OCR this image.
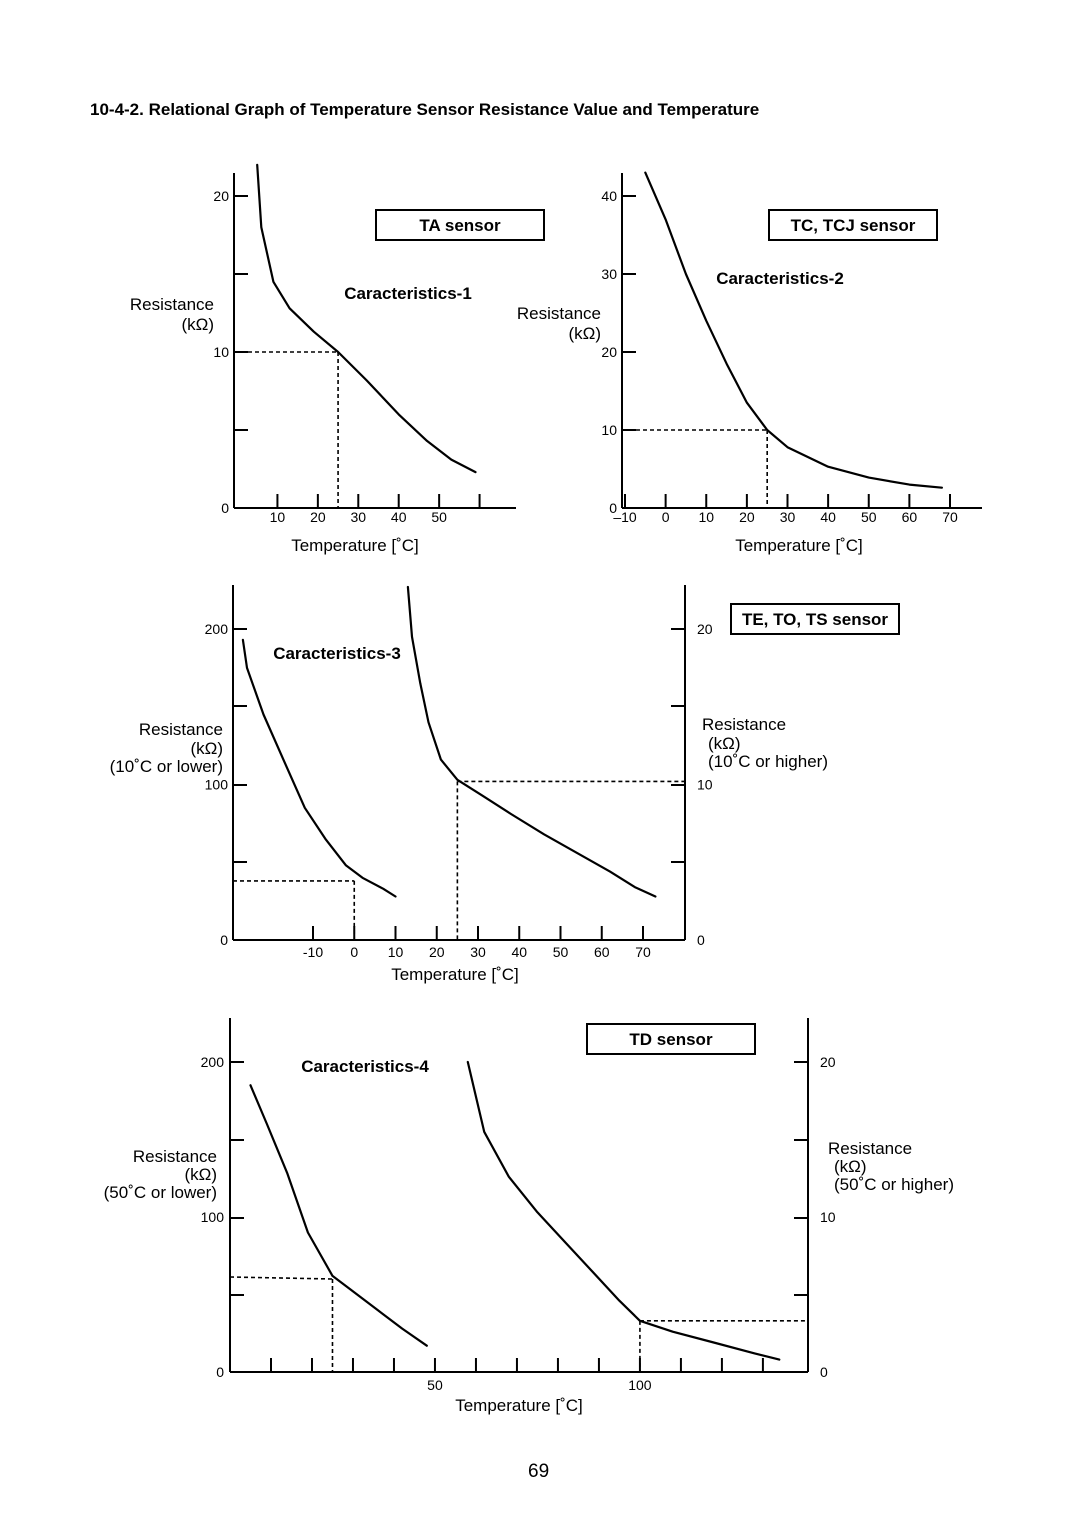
10-4-2. Relational Graph of Temperature Sensor Resistance Value and Temperature
0
10
20
10 20 30 40 50
Resistance
(kΩ)
Temperature [˚C]
TA sensor
Caracteristics-1
0
10
20
30
40
–10 0 10 20 30 40 50 60 70
Resistance
(kΩ)
Temperature [˚C]
TC, TCJ sensor
Caracteristics-2
0
100
200
0
10
20
-10 0 10 20 30 40 50 60 70
Resistance
(kΩ)
(10˚C or lower)
Resistance
(kΩ)
(10˚C or higher)
Temperature [˚C]
TE, TO, TS sensor
Caracteristics-3
0
100
200
0
10
20
50	100
Resistance
(kΩ)
(50˚C or lower)
Resistance
(kΩ)
(50˚C or higher)
Temperature [˚C]
TD sensor
Caracteristics-4
69
